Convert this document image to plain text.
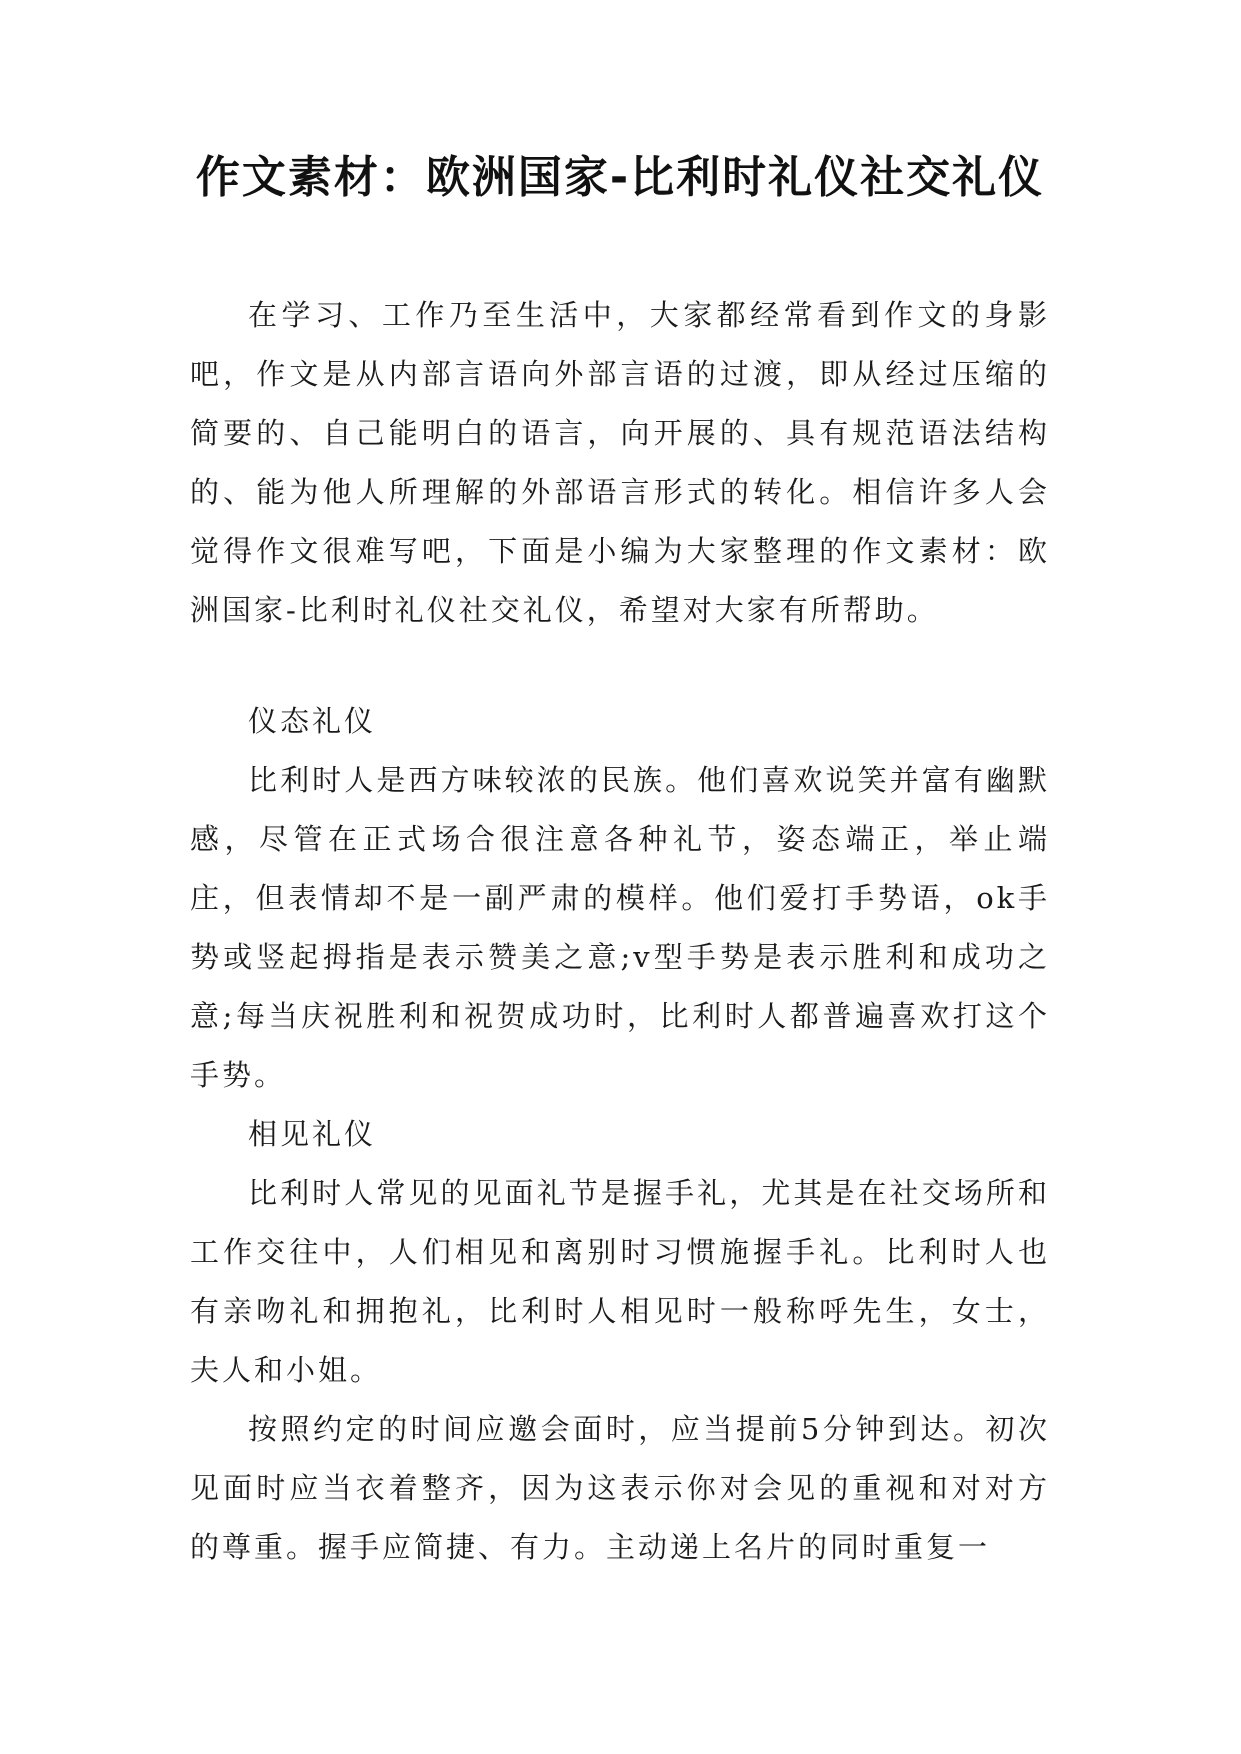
作文素材：欧洲国家-比利时礼仪社交礼仪

在学习、工作乃至生活中，大家都经常看到作文的身影吧，作文是从内部言语向外部言语的过渡，即从经过压缩的简要的、自己能明白的语言，向开展的、具有规范语法结构的、能为他人所理解的外部语言形式的转化。相信许多人会觉得作文很难写吧，下面是小编为大家整理的作文素材：欧洲国家-比利时礼仪社交礼仪，希望对大家有所帮助。

仪态礼仪

比利时人是西方味较浓的民族。他们喜欢说笑并富有幽默感，尽管在正式场合很注意各种礼节，姿态端正，举止端庄，但表情却不是一副严肃的模样。他们爱打手势语，ok手势或竖起拇指是表示赞美之意;v型手势是表示胜利和成功之意;每当庆祝胜利和祝贺成功时，比利时人都普遍喜欢打这个手势。

相见礼仪

比利时人常见的见面礼节是握手礼，尤其是在社交场所和工作交往中，人们相见和离别时习惯施握手礼。比利时人也有亲吻礼和拥抱礼，比利时人相见时一般称呼先生，女士，夫人和小姐。

按照约定的时间应邀会面时，应当提前5分钟到达。初次见面时应当衣着整齐，因为这表示你对会见的重视和对对方的尊重。握手应简捷、有力。主动递上名片的同时重复一
